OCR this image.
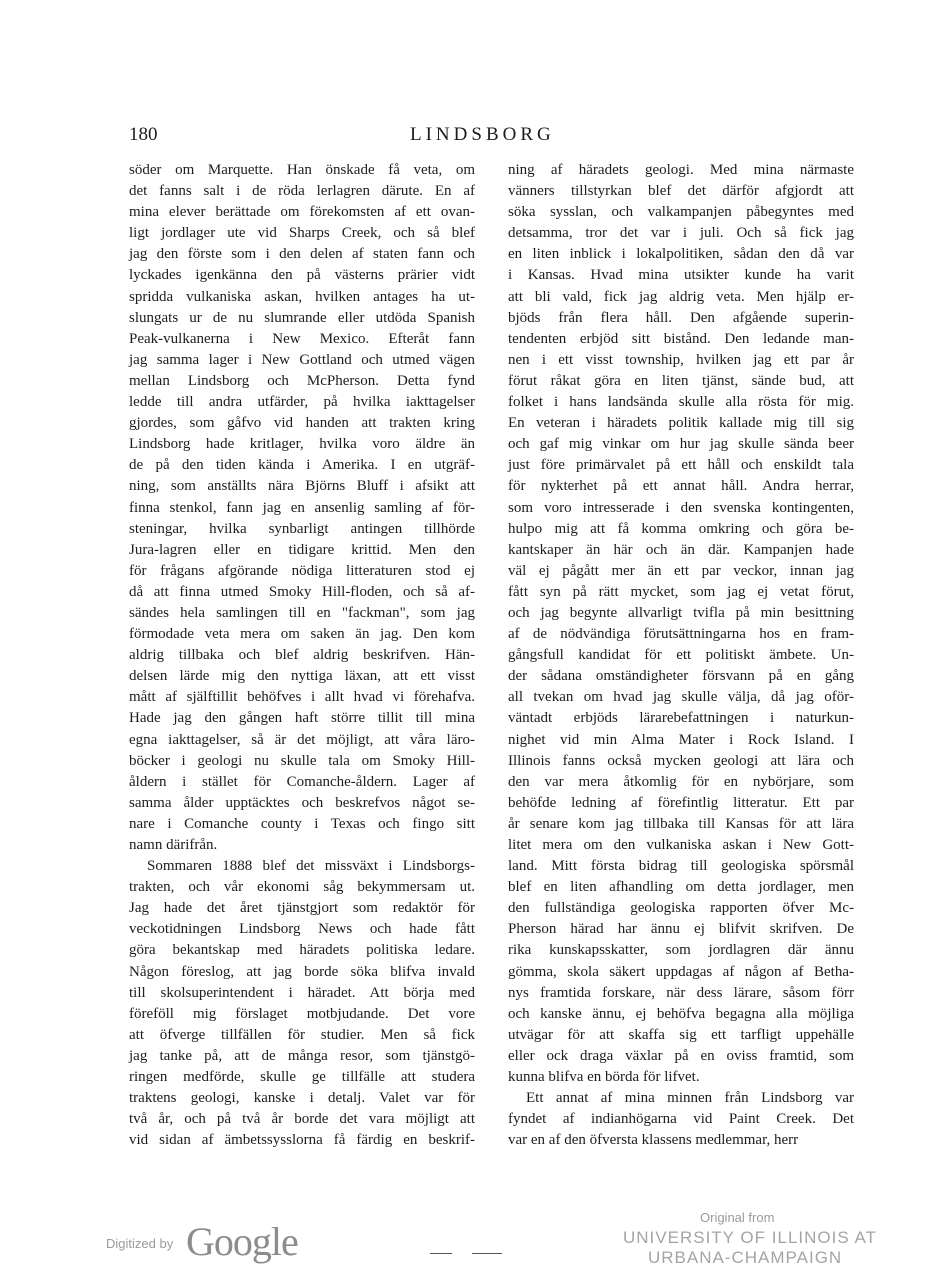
180	LINDSBORG
söder om Marquette. Han önskade få veta, om
det fanns salt i de röda lerlagren därute. En af
mina elever berättade om förekomsten af ett ovan-
ligt jordlager ute vid Sharps Creek, och så blef
jag den förste som i den delen af staten fann och
lyckades igenkänna den på västerns prärier vidt
spridda vulkaniska askan, hvilken antages ha ut-
slungats ur de nu slumrande eller utdöda Spanish
Peak-vulkanerna i New Mexico. Efteråt fann
jag samma lager i New Gottland och utmed vägen
mellan Lindsborg och McPherson. Detta fynd
ledde till andra utfärder, på hvilka iakttagelser
gjordes, som gåfvo vid handen att trakten kring
Lindsborg hade kritlager, hvilka voro äldre än
de på den tiden kända i Amerika. I en utgräf-
ning, som anställts nära Björns Bluff i afsikt att
finna stenkol, fann jag en ansenlig samling af för-
steningar, hvilka synbarligt antingen tillhörde
Jura-lagren eller en tidigare krittid. Men den
för frågans afgörande nödiga litteraturen stod ej
då att finna utmed Smoky Hill-floden, och så af-
sändes hela samlingen till en "fackman", som jag
förmodade veta mera om saken än jag. Den kom
aldrig tillbaka och blef aldrig beskrifven. Hän-
delsen lärde mig den nyttiga läxan, att ett visst
mått af själftillit behöfves i allt hvad vi förehafva.
Hade jag den gången haft större tillit till mina
egna iakttagelser, så är det möjligt, att våra läro-
böcker i geologi nu skulle tala om Smoky Hill-
åldern i stället för Comanche-åldern. Lager af
samma ålder upptäcktes och beskrefvos något se-
nare i Comanche county i Texas och fingo sitt
namn därifrån.
Sommaren 1888 blef det missväxt i Lindsborgs-
trakten, och vår ekonomi såg bekymmersam ut.
Jag hade det året tjänstgjort som redaktör för
veckotidningen Lindsborg News och hade fått
göra bekantskap med häradets politiska ledare.
Någon föreslog, att jag borde söka blifva invald
till skolsuperintendent i häradet. Att börja med
föreföll mig förslaget motbjudande. Det vore
att öfverge tillfällen för studier. Men så fick
jag tanke på, att de många resor, som tjänstgö-
ringen medförde, skulle ge tillfälle att studera
traktens geologi, kanske i detalj. Valet var för
två år, och på två år borde det vara möjligt att
vid sidan af ämbetssysslorna få färdig en beskrif-
ning af häradets geologi. Med mina närmaste
vänners tillstyrkan blef det därför afgjordt att
söka sysslan, och valkampanjen påbegyntes med
detsamma, tror det var i juli. Och så fick jag
en liten inblick i lokalpolitiken, sådan den då var
i Kansas. Hvad mina utsikter kunde ha varit
att bli vald, fick jag aldrig veta. Men hjälp er-
bjöds från flera håll. Den afgående superin-
tendenten erbjöd sitt bistånd. Den ledande man-
nen i ett visst township, hvilken jag ett par år
förut råkat göra en liten tjänst, sände bud, att
folket i hans landsända skulle alla rösta för mig.
En veteran i häradets politik kallade mig till sig
och gaf mig vinkar om hur jag skulle sända beer
just före primärvalet på ett håll och enskildt tala
för nykterhet på ett annat håll. Andra herrar,
som voro intresserade i den svenska kontingenten,
hulpo mig att få komma omkring och göra be-
kantskaper än här och än där. Kampanjen hade
väl ej pågått mer än ett par veckor, innan jag
fått syn på rätt mycket, som jag ej vetat förut,
och jag begynte allvarligt tvifla på min besittning
af de nödvändiga förutsättningarna hos en fram-
gångsfull kandidat för ett politiskt ämbete. Un-
der sådana omständigheter försvann på en gång
all tvekan om hvad jag skulle välja, då jag oför-
väntadt erbjöds lärarebefattningen i naturkun-
nighet vid min Alma Mater i Rock Island. I
Illinois fanns också mycken geologi att lära och
den var mera åtkomlig för en nybörjare, som
behöfde ledning af förefintlig litteratur. Ett par
år senare kom jag tillbaka till Kansas för att lära
litet mera om den vulkaniska askan i New Gott-
land. Mitt första bidrag till geologiska spörsmål
blef en liten afhandling om detta jordlager, men
den fullständiga geologiska rapporten öfver Mc-
Pherson härad har ännu ej blifvit skrifven. De
rika kunskapsskatter, som jordlagren där ännu
gömma, skola säkert uppdagas af någon af Betha-
nys framtida forskare, när dess lärare, såsom förr
och kanske ännu, ej behöfva begagna alla möjliga
utvägar för att skaffa sig ett tarfligt uppehälle
eller ock draga växlar på en oviss framtid, som
kunna blifva en börda för lifvet.
Ett annat af mina minnen från Lindsborg var
fyndet af indianhögarna vid Paint Creek. Det
var en af den öfversta klassens medlemmar, herr
Digitized by Google
Original from
UNIVERSITY OF ILLINOIS AT
URBANA-CHAMPAIGN
